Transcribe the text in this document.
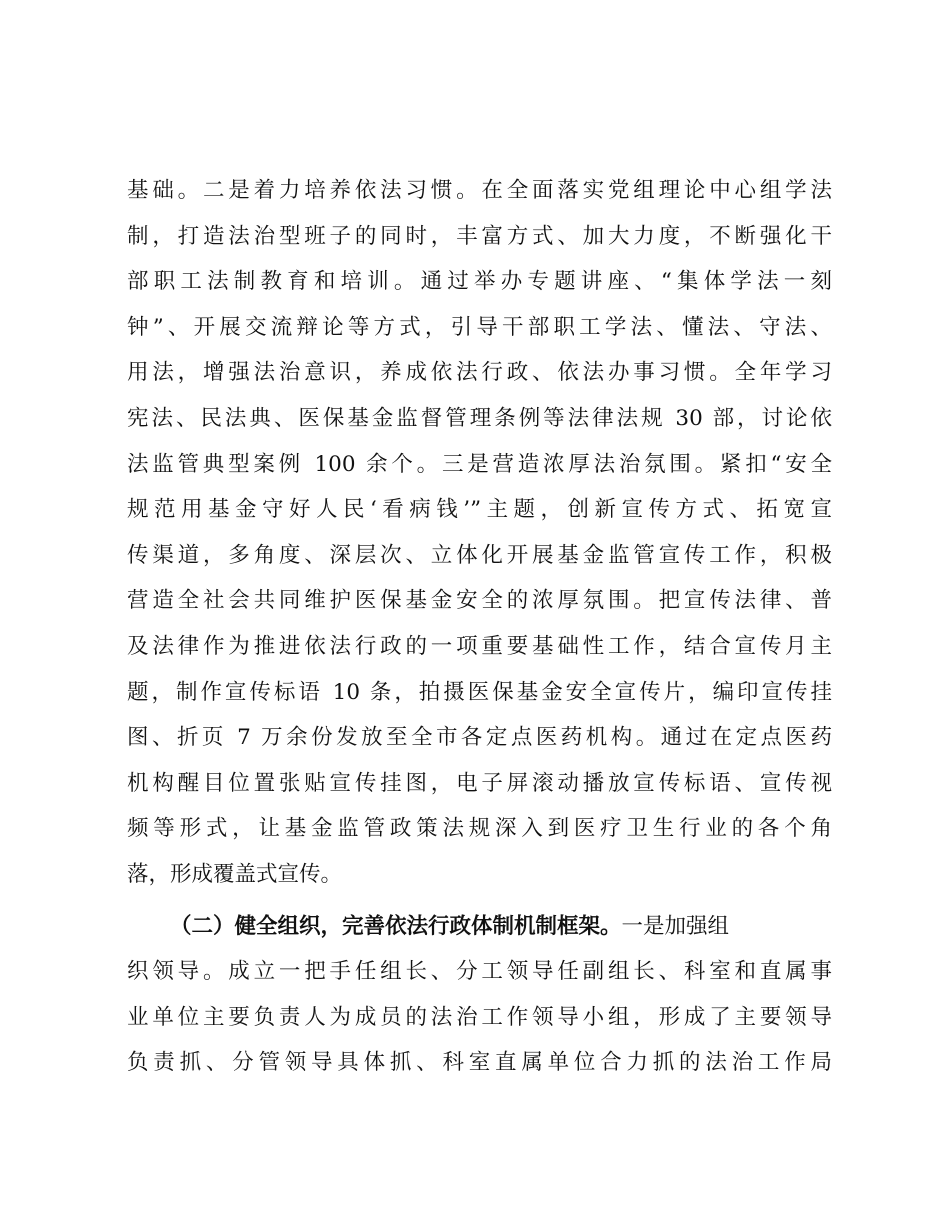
基础。二是着力培养依法习惯。在全面落实党组理论中心组学法
制，打造法治型班子的同时，丰富方式、加大力度，不断强化干
部职工法制教育和培训。通过举办专题讲座、“集体学法一刻
钟”、开展交流辩论等方式，引导干部职工学法、懂法、守法、
用法，增强法治意识，养成依法行政、依法办事习惯。全年学习
宪法、民法典、医保基金监督管理条例等法律法规 30 部，讨论依
法监管典型案例 100 余个。三是营造浓厚法治氛围。紧扣“安全
规范用基金守好人民‘看病钱’”主题，创新宣传方式、拓宽宣
传渠道，多角度、深层次、立体化开展基金监管宣传工作，积极
营造全社会共同维护医保基金安全的浓厚氛围。把宣传法律、普
及法律作为推进依法行政的一项重要基础性工作，结合宣传月主
题，制作宣传标语 10 条，拍摄医保基金安全宣传片，编印宣传挂
图、折页 7 万余份发放至全市各定点医药机构。通过在定点医药
机构醒目位置张贴宣传挂图，电子屏滚动播放宣传标语、宣传视
频等形式，让基金监管政策法规深入到医疗卫生行业的各个角
落，形成覆盖式宣传。
（二）健全组织，完善依法行政体制机制框架。一是加强组
织领导。成立一把手任组长、分工领导任副组长、科室和直属事
业单位主要负责人为成员的法治工作领导小组，形成了主要领导
负责抓、分管领导具体抓、科室直属单位合力抓的法治工作局
